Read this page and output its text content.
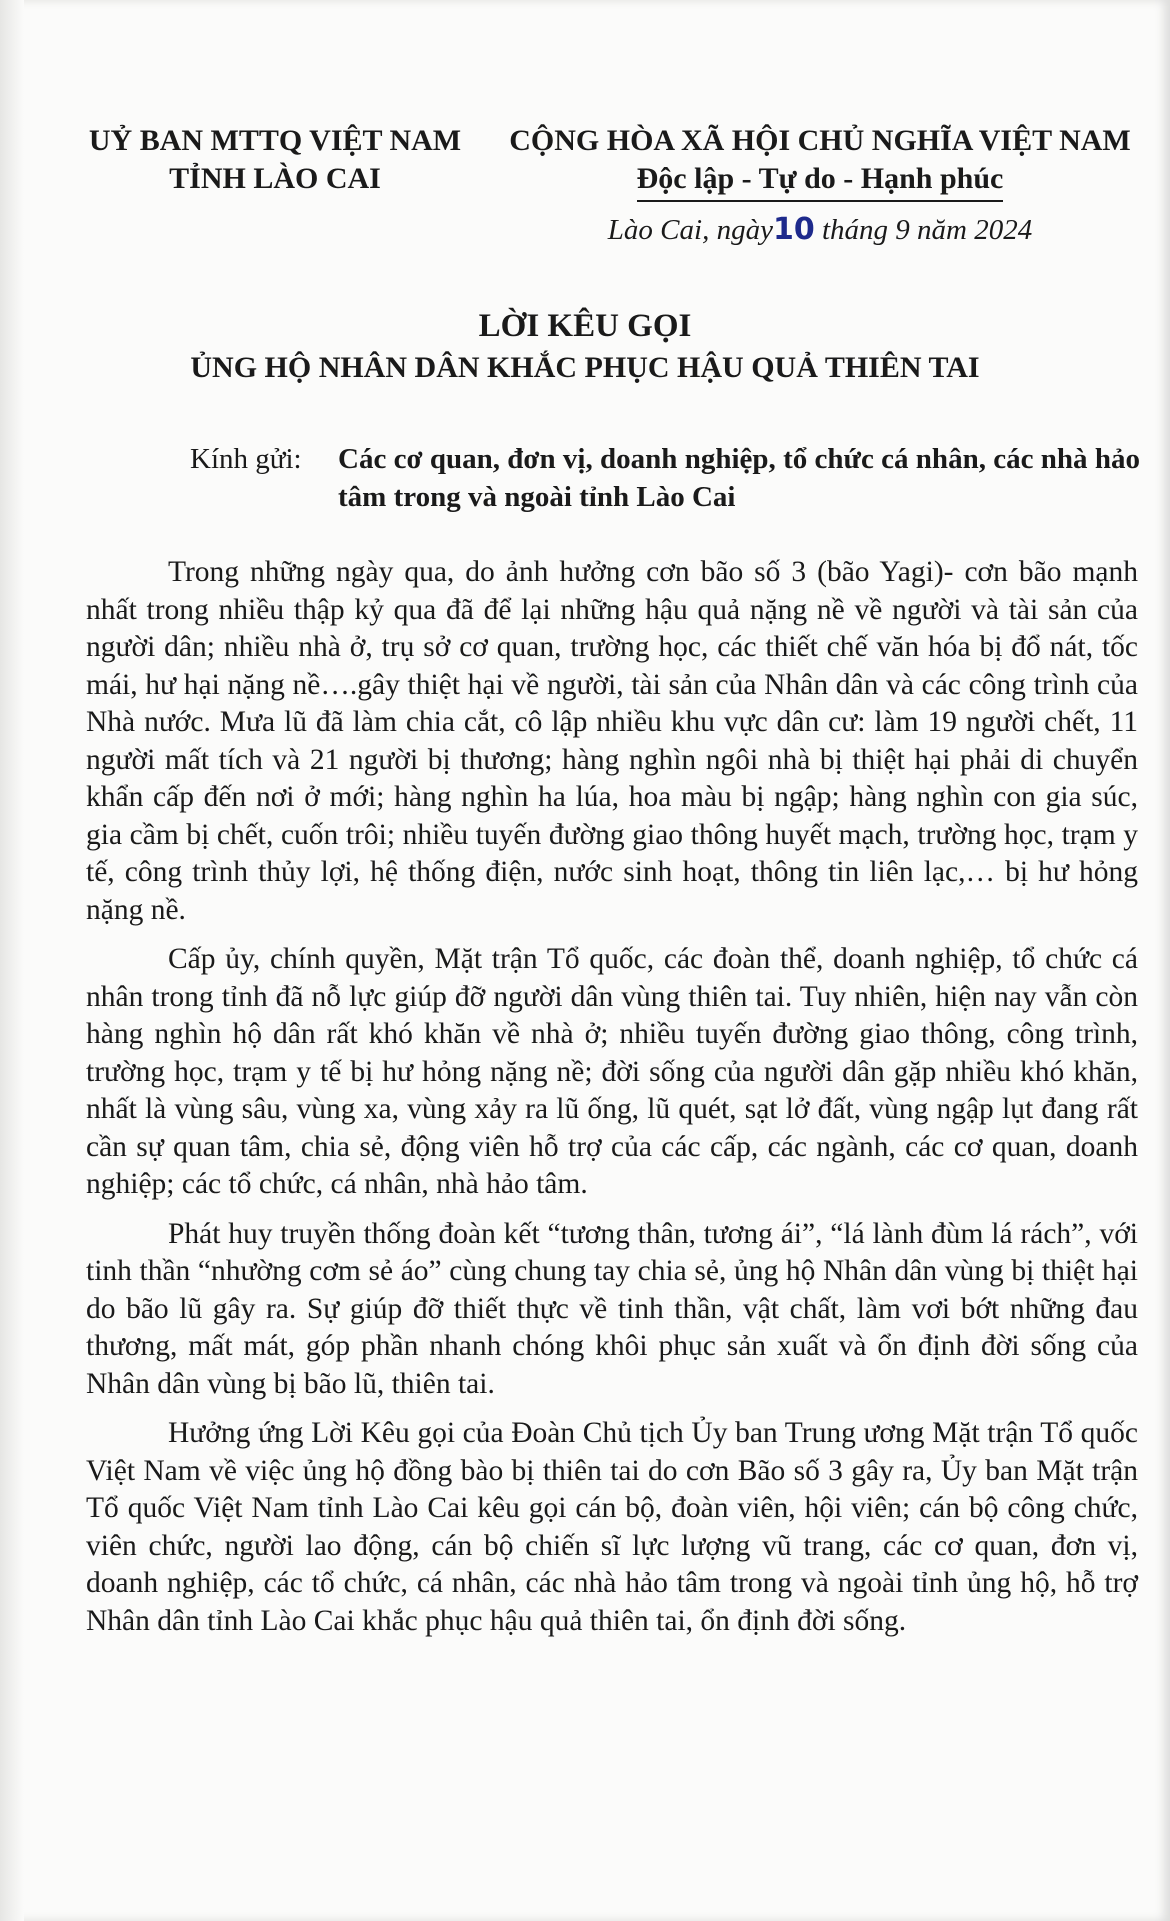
UỶ BAN MTTQ VIỆT NAM
TỈNH LÀO CAI
CỘNG HÒA XÃ HỘI CHỦ NGHĨA VIỆT NAM
Độc lập - Tự do - Hạnh phúc
Lào Cai, ngày10 tháng 9 năm 2024
LỜI KÊU GỌI
ỦNG HỘ NHÂN DÂN KHẮC PHỤC HẬU QUẢ THIÊN TAI
Kính gửi:	Các cơ quan, đơn vị, doanh nghiệp, tổ chức cá nhân, các nhà hảo tâm trong và ngoài tỉnh Lào Cai

Trong những ngày qua, do ảnh hưởng cơn bão số 3 (bão Yagi)- cơn bão mạnh nhất trong nhiều thập kỷ qua đã để lại những hậu quả nặng nề về người và tài sản của người dân; nhiều nhà ở, trụ sở cơ quan, trường học, các thiết chế văn hóa bị đổ nát, tốc mái, hư hại nặng nề….gây thiệt hại về người, tài sản của Nhân dân và các công trình của Nhà nước. Mưa lũ đã làm chia cắt, cô lập nhiều khu vực dân cư: làm 19 người chết, 11 người mất tích và 21 người bị thương; hàng nghìn ngôi nhà bị thiệt hại phải di chuyển khẩn cấp đến nơi ở mới; hàng nghìn ha lúa, hoa màu bị ngập; hàng nghìn con gia súc, gia cầm bị chết, cuốn trôi; nhiều tuyến đường giao thông huyết mạch, trường học, trạm y tế, công trình thủy lợi, hệ thống điện, nước sinh hoạt, thông tin liên lạc,… bị hư hỏng nặng nề.

Cấp ủy, chính quyền, Mặt trận Tổ quốc, các đoàn thể, doanh nghiệp, tổ chức cá nhân trong tỉnh đã nỗ lực giúp đỡ người dân vùng thiên tai. Tuy nhiên, hiện nay vẫn còn hàng nghìn hộ dân rất khó khăn về nhà ở; nhiều tuyến đường giao thông, công trình, trường học, trạm y tế bị hư hỏng nặng nề; đời sống của người dân gặp nhiều khó khăn, nhất là vùng sâu, vùng xa, vùng xảy ra lũ ống, lũ quét, sạt lở đất, vùng ngập lụt đang rất cần sự quan tâm, chia sẻ, động viên hỗ trợ của các cấp, các ngành, các cơ quan, doanh nghiệp; các tổ chức, cá nhân, nhà hảo tâm.

Phát huy truyền thống đoàn kết “tương thân, tương ái”, “lá lành đùm lá rách”, với tinh thần “nhường cơm sẻ áo” cùng chung tay chia sẻ, ủng hộ Nhân dân vùng bị thiệt hại do bão lũ gây ra. Sự giúp đỡ thiết thực về tinh thần, vật chất, làm vơi bớt những đau thương, mất mát, góp phần nhanh chóng khôi phục sản xuất và ổn định đời sống của Nhân dân vùng bị bão lũ, thiên tai.

Hưởng ứng Lời Kêu gọi của Đoàn Chủ tịch Ủy ban Trung ương Mặt trận Tổ quốc Việt Nam về việc ủng hộ đồng bào bị thiên tai do cơn Bão số 3 gây ra, Ủy ban Mặt trận Tổ quốc Việt Nam tỉnh Lào Cai kêu gọi cán bộ, đoàn viên, hội viên; cán bộ công chức, viên chức, người lao động, cán bộ chiến sĩ lực lượng vũ trang, các cơ quan, đơn vị, doanh nghiệp, các tổ chức, cá nhân, các nhà hảo tâm trong và ngoài tỉnh ủng hộ, hỗ trợ Nhân dân tỉnh Lào Cai khắc phục hậu quả thiên tai, ổn định đời sống.
